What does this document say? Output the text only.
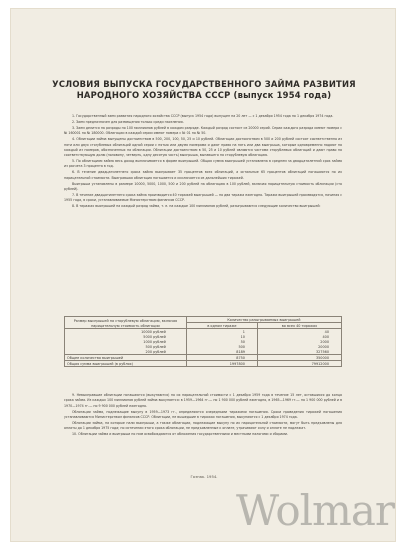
УСЛОВИЯ ВЫПУСКА ГОСУДАРСТВЕННОГО ЗАЙМА РАЗВИТИЯ
НАРОДНОГО ХОЗЯЙСТВА СССР (выпуск 1954 года)

1. Государственный заем развития народного хозяйства СССР (выпуск 1954 года) выпущен на 20 лет — с 1 декабря 1954 года по 1 декабря 1974 года.

2. Заем предназначен для размещения только среди населения.

3. Заем делится на разряды по 100 миллионов рублей в каждом разряде. Каждый разряд состоит из 20000 серий. Серии каждого разряда имеют номера с № 160001 по № 180000. Облигации в каждой серии имеют номера с № 01 по № 50.

4. Облигации займа выпущены достоинством в 500, 200, 100, 50, 25 и 10 рублей. Облигации достоинством в 500 и 200 рублей состоят соответственно из пяти или двух стоrублевых облигаций одной серии с пятью или двумя номерами и дают право на пять или два выигрыша, которые одновременно падают на каждый из номеров, обозначенных на облигации. Облигации достоинством в 50, 25 и 10 рублей являются частями сторублевых облигаций и дают право на соответствующую долю (половину, четверть, одну десятую часть) выигрыша, выпавшего на сторублевую облигацию.

5. По облигациям займа весь доход выплачивается в форме выигрышей. Общая сумма выигрышей установлена в среднем за двадцатилетний срок займа из расчета 3 процента в год.

6. В течение двадцатилетнего срока займа выигрывает 35 процентов всех облигаций, а остальные 65 процентов облигаций погашаются по их нарицательной стоимости. Выигравшая облигация погашается и исключается из дальнейших тиражей.

Выигрыши установлены в размере 10000, 5000, 1000, 500 и 200 рублей на облигацию в 100 рублей, включая нарицательную стоимость облигации (сто рублей).

7. В течение двадцатилетнего срока займа производится 40 тиражей выигрышей — по два тиража ежегодно. Тиражи выигрышей производятся, начиная с 1955 года, в сроки, устанавливаемые Министерством финансов СССР.

8. В тиражах выигрышей на каждый разряд займа, т. е. на каждые 100 миллионов рублей, разыгрываются следующие количество выигрышей:

Размер выигрышей на сторублевую облигацию, включая нарицательную стоимость облигации	Количество разыгрываемых выигрышей	
	в одном тираже	во всех 40 тиражах
10000 рублей	1	40
5000 рублей	10	400
1000 рублей	50	2000
500 рублей	500	20000
200 рублей	8189	327560
Общее количество выигрышей	8750	350000
Общая сумма выигрышей (в рублях)	1997800	79912000

9. Невыигравшие облигации погашаются (выкупаются) по их нарицательной стоимости с 1 декабря 1959 года в течение 15 лет, оставшихся до конца срока займа. Из каждых 100 миллионов рублей займа выкупается: в 1959—1964 гг.— по 1 900 000 рублей ежегодно, в 1965—1969 гг.— по 1 900 000 рублей и в 1970—1974 гг.— по 9 900 000 рублей ежегодно.

Облигации займа, подлежащие выкупу в 1959—1973 гг., определяются очередными тиражами погашения. Сроки проведения тиражей погашения устанавливаются Министерством финансов СССР. Облигации, не вышедшие в тиражах погашения, выкупаются с 1 декабря 1974 года.

Облигации займа, на которые пали выигрыши, а также облигации, подлежащие выкупу по их нарицательной стоимости, могут быть предъявлены для оплаты до 1 декабря 1975 года; по истечении этого срока облигации, не предъявленные к оплате, утрачивают силу и оплате не подлежат.

10. Облигации займа и выигрыши по ним освобождаются от обложения государственными и местными налогами и сборами.

Гознак. 1954.
Wolmar
